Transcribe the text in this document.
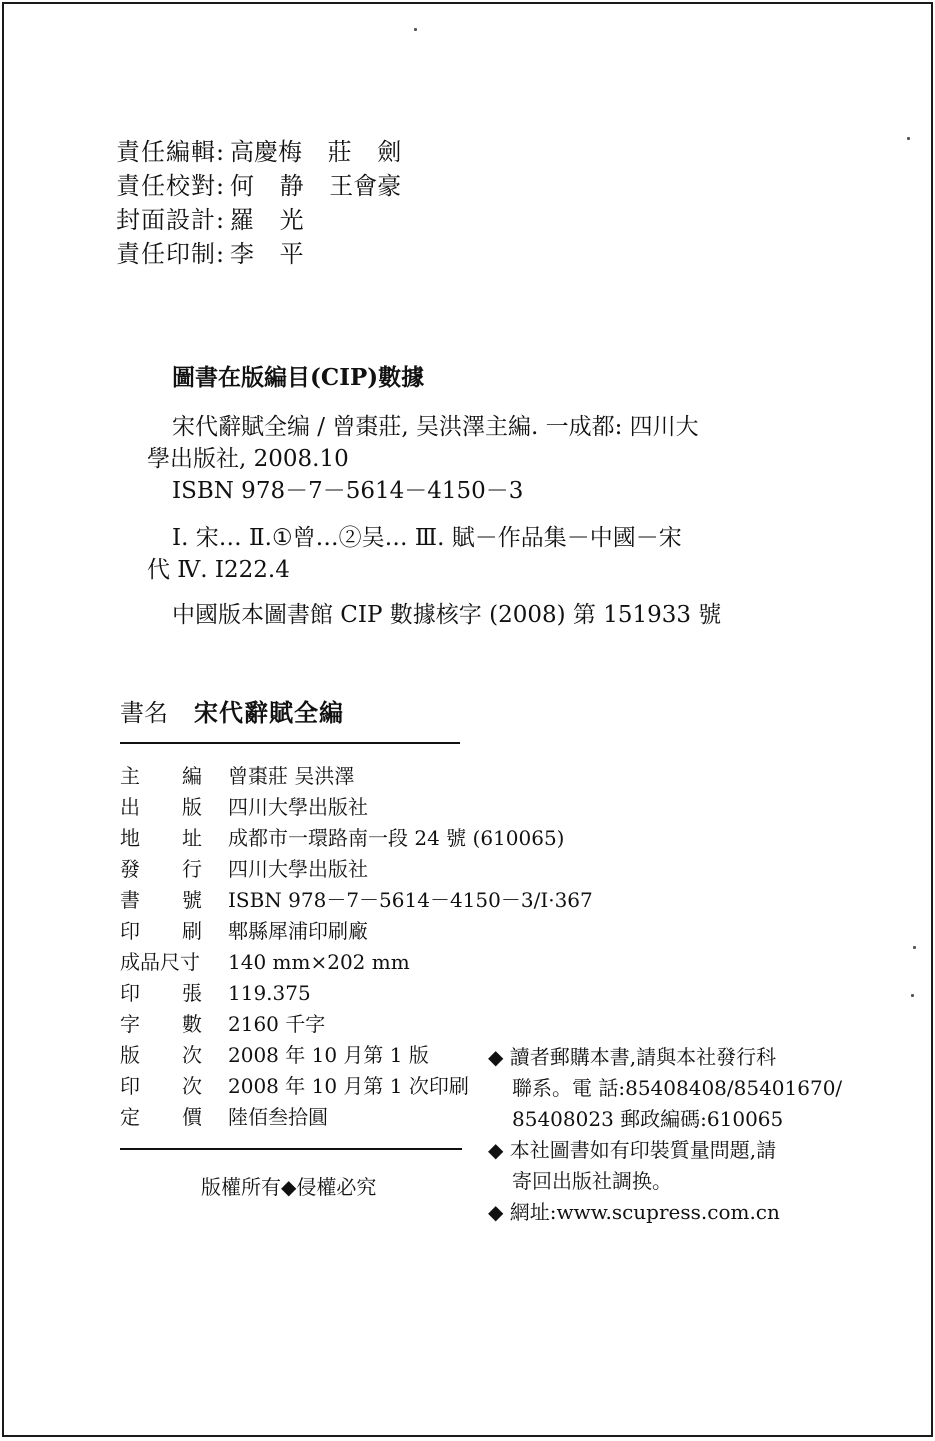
責任編輯: 高慶梅 莊 劍
責任校對: 何 静 王會豪
封面設計: 羅 光
責任印制: 李 平
圖書在版編目(CIP)數據
宋代辭賦全编 / 曾棗莊, 吴洪澤主編. 一成都: 四川大
學出版社, 2008.10
ISBN 978－7－5614－4150－3
Ⅰ. 宋… Ⅱ.①曾…②吴… Ⅲ. 賦－作品集－中國－宋
代 Ⅳ. I222.4
中國版本圖書館 CIP 數據核字 (2008) 第 151933 號
書名 宋代辭賦全編
主 編 曾棗莊 吴洪澤
出 版 四川大學出版社
地 址 成都市一環路南一段 24 號 (610065)
發 行 四川大學出版社
書 號 ISBN 978－7－5614－4150－3/I·367
印 刷 郫縣犀浦印刷廠
成品尺寸 140 mm×202 mm
印 張 119.375
字 數 2160 千字
版 次 2008 年 10 月第 1 版
印 次 2008 年 10 月第 1 次印刷
定 價 陸佰叁拾圓
◆ 讀者郵購本書,請與本社發行科
聯系。電 話:85408408/85401670/
85408023 郵政編碼:610065
◆ 本社圖書如有印裝質量問題,請
寄回出版社調换。
◆ 網址:www.scupress.com.cn
版權所有◆侵權必究
